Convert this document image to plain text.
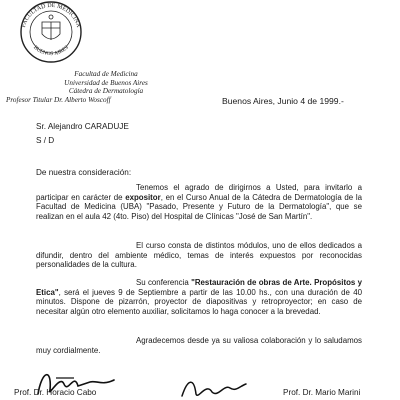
FACULTAD DE MEDICINA
BUENOS AIRES
Facultad de Medicina
Universidad de Buenos Aires
Cátedra de Dermatología
Profesor Titular Dr. Alberto Woscoff	Buenos Aires, Junio 4 de 1999.-
Sr. Alejandro CARADUJE
S / D
De nuestra consideración:

Tenemos el agrado de dirigirnos a Usted, para invitarlo a participar en carácter de expositor, en el Curso Anual de la Cátedra de Dermatología de la Facultad de Medicina (UBA) "Pasado, Presente y Futuro de la Dermatología", que se realizan en el aula 42 (4to. Piso) del Hospital de Clínicas "José de San Martín".

El curso consta de distintos módulos, uno de ellos dedicados a difundir, dentro del ambiente médico, temas de interés expuestos por reconocidas personalidades de la cultura.

Su conferencia "Restauración de obras de Arte. Propósitos y Etica", será el jueves 9 de Septiembre a partir de las 10.00 hs., con una duración de 40 minutos. Dispone de pizarrón, proyector de diapositivas y retroproyector; en caso de necesitar algún otro elemento auxiliar, solicitamos lo haga conocer a la brevedad.

Agradecemos desde ya su valiosa colaboración y lo saludamos muy cordialmente.

Prof. Dr. Horacio Cabo	Prof. Dr. Mario Marini
